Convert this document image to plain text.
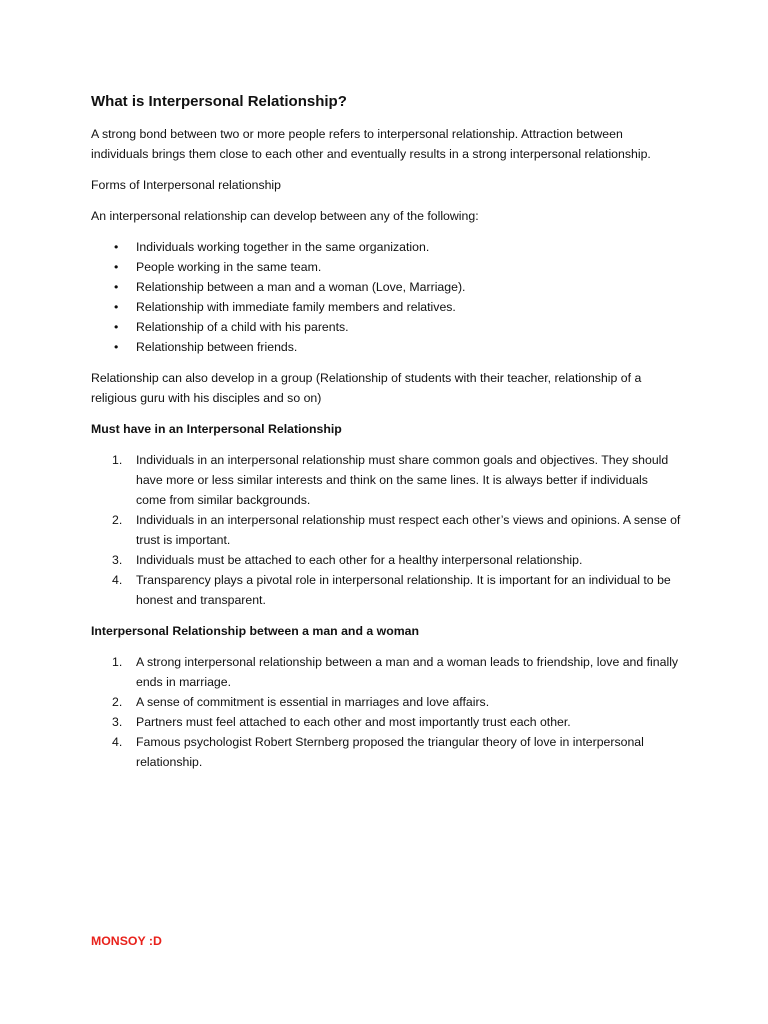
What is Interpersonal Relationship?

A strong bond between two or more people refers to interpersonal relationship. Attraction between individuals brings them close to each other and eventually results in a strong interpersonal relationship.

Forms of Interpersonal relationship

An interpersonal relationship can develop between any of the following:

• Individuals working together in the same organization.
• People working in the same team.
• Relationship between a man and a woman (Love, Marriage).
• Relationship with immediate family members and relatives.
• Relationship of a child with his parents.
• Relationship between friends.

Relationship can also develop in a group (Relationship of students with their teacher, relationship of a religious guru with his disciples and so on)

Must have in an Interpersonal Relationship

1. Individuals in an interpersonal relationship must share common goals and objectives. They should have more or less similar interests and think on the same lines. It is always better if individuals come from similar backgrounds.
2. Individuals in an interpersonal relationship must respect each other’s views and opinions. A sense of trust is important.
3. Individuals must be attached to each other for a healthy interpersonal relationship.
4. Transparency plays a pivotal role in interpersonal relationship. It is important for an individual to be honest and transparent.

Interpersonal Relationship between a man and a woman

1. A strong interpersonal relationship between a man and a woman leads to friendship, love and finally ends in marriage.
2. A sense of commitment is essential in marriages and love affairs.
3. Partners must feel attached to each other and most importantly trust each other.
4. Famous psychologist Robert Sternberg proposed the triangular theory of love in interpersonal relationship.
MONSOY :D
